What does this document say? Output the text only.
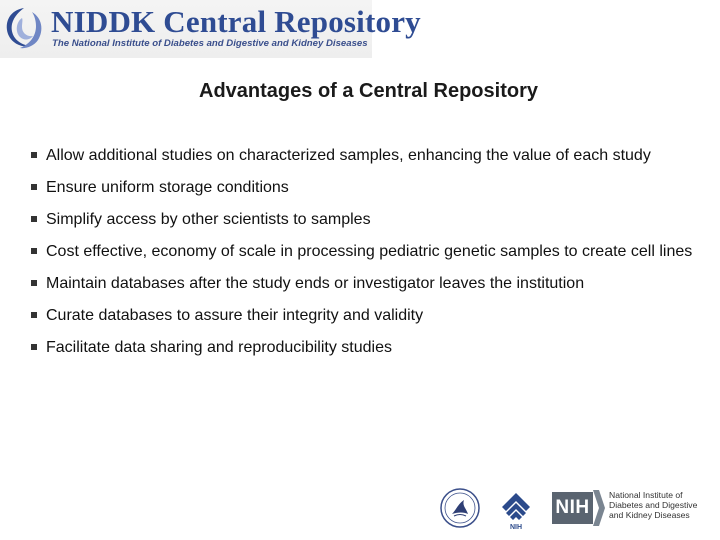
NIDDK Central Repository
The National Institute of Diabetes and Digestive and Kidney Diseases
Advantages of a Central Repository
Allow additional studies on characterized samples, enhancing the value of each study
Ensure uniform storage conditions
Simplify access by other scientists to samples
Cost effective, economy of scale in processing pediatric genetic samples to create cell lines
Maintain databases after the study ends or investigator leaves the institution
Curate databases to assure their integrity and validity
Facilitate data sharing and reproducibility studies
NIH
NIH
National Institute of
Diabetes and Digestive
and Kidney Diseases
